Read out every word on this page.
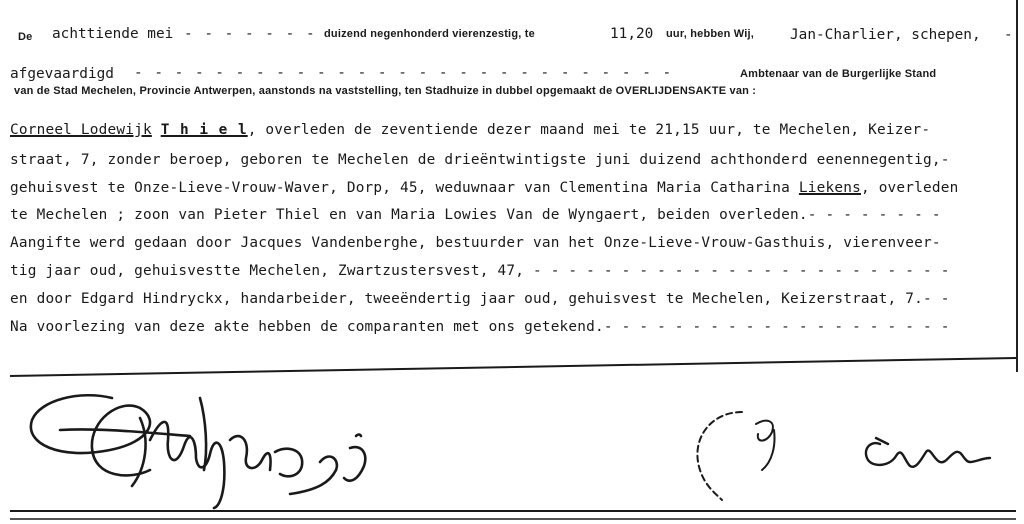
De achttiende mei - - - - - - - duizend negenhonderd vierenzestig, te	11,20 uur, hebben Wij, Jan-Charlier, schepen, -
afgevaardigd - - - - - - - - - - - - - - - - - - - - - - - - - - -	Ambtenaar van de Burgerlijke Stand
van de Stad Mechelen, Provincie Antwerpen, aanstonds na vaststelling, ten Stadhuize in dubbel opgemaakt de OVERLIJDENSAKTE van :
Corneel Lodewijk T h i e l, overleden de zeventiende dezer maand mei te 21,15 uur, te Mechelen, Keizer-
straat, 7, zonder beroep, geboren te Mechelen de drieëntwintigste juni duizend achthonderd eenennegentig,-
gehuisvest te Onze-Lieve-Vrouw-Waver, Dorp, 45, weduwnaar van Clementina Maria Catharina Liekens, overleden
te Mechelen ; zoon van Pieter Thiel en van Maria Lowies Van de Wyngaert, beiden overleden.- - - - - - - -
Aangifte werd gedaan door Jacques Vandenberghe, bestuurder van het Onze-Lieve-Vrouw-Gasthuis, vierenveer-
tig jaar oud, gehuisvestte Mechelen, Zwartzustersvest, 47, - - - - - - - - - - - - - - - - - - - - - - - -
en door Edgard Hindryckx, handarbeider, tweeëndertig jaar oud, gehuisvest te Mechelen, Keizerstraat, 7.- -
Na voorlezing van deze akte hebben de comparanten met ons getekend.- - - - - - - - - - - - - - - - - - - -
